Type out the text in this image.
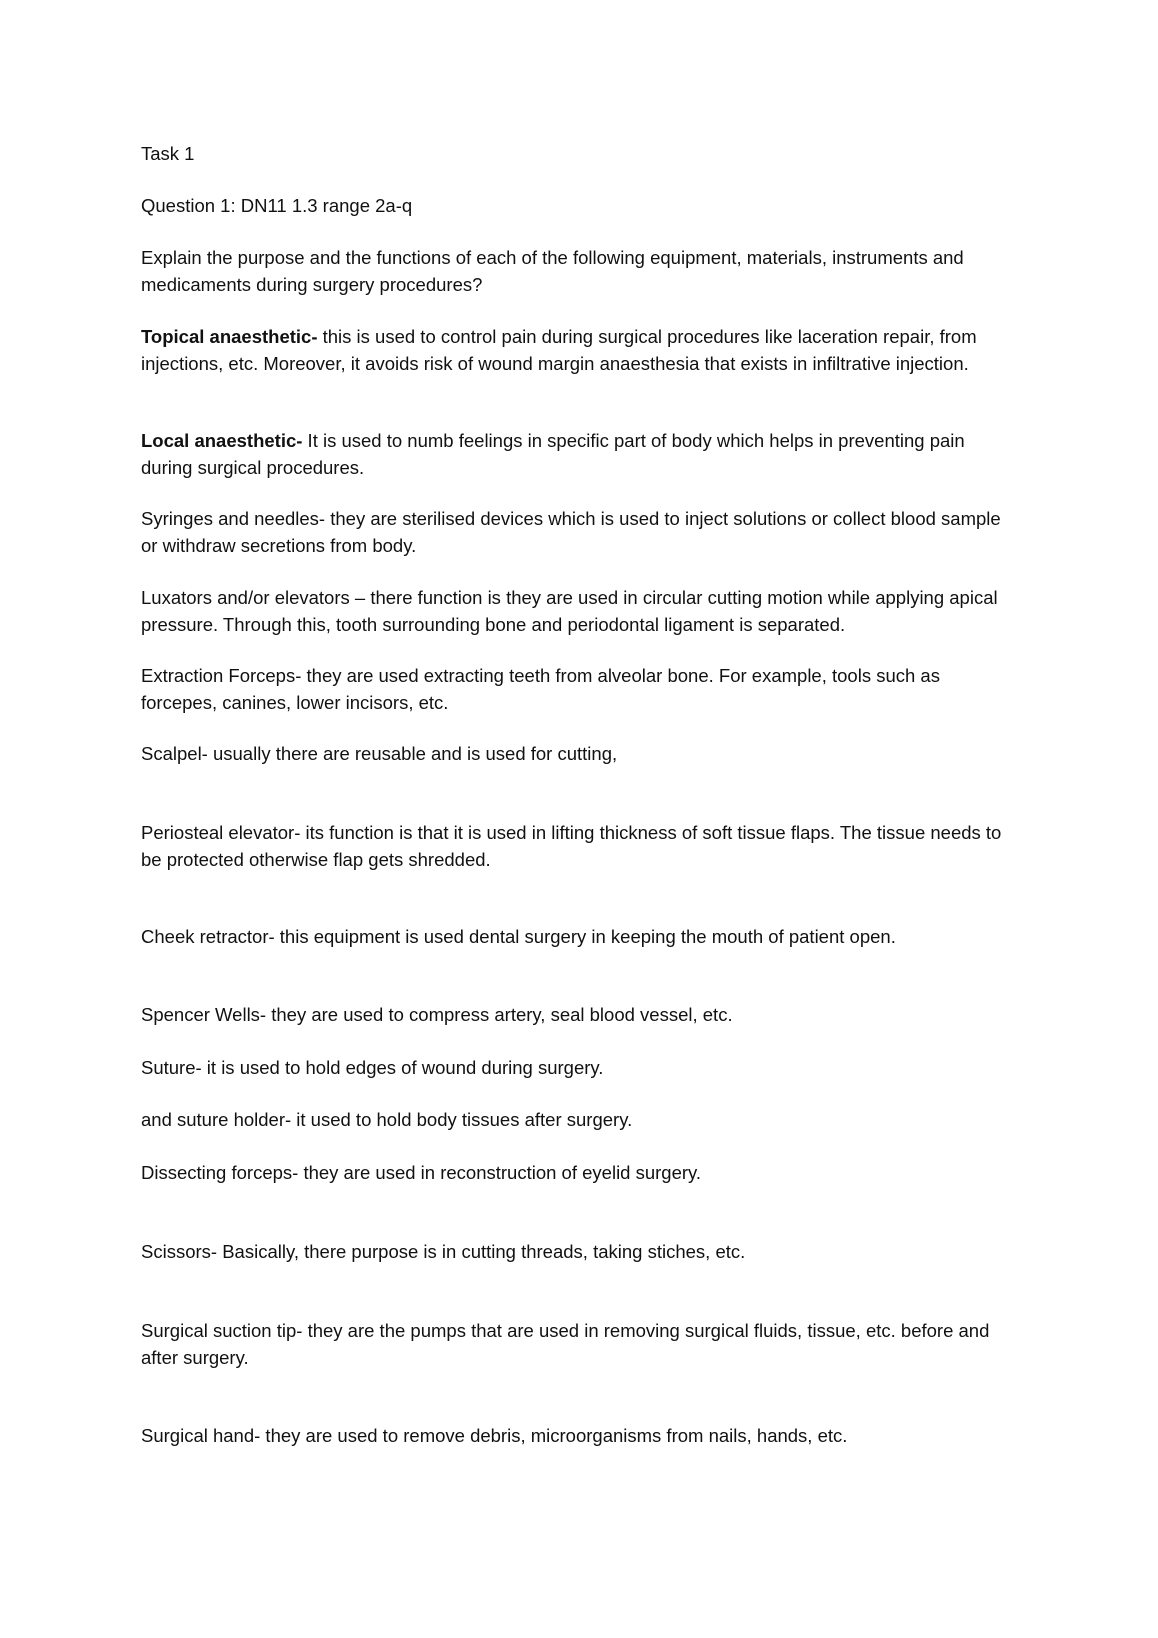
Task 1

Question 1: DN11 1.3 range 2a-q

Explain the purpose and the functions of each of the following equipment, materials, instruments and medicaments during surgery procedures?

Topical anaesthetic- this is used to control pain during surgical procedures like laceration repair, from injections, etc. Moreover, it avoids risk of wound margin anaesthesia that exists in infiltrative injection.

Local anaesthetic- It is used to numb feelings in specific part of body which helps in preventing pain during surgical procedures.

Syringes and needles- they are sterilised devices which is used to inject solutions or collect blood sample or withdraw secretions from body.

Luxators and/or elevators – there function is they are used in circular cutting motion while applying apical pressure. Through this, tooth surrounding bone and periodontal ligament is separated.

Extraction Forceps- they are used extracting teeth from alveolar bone. For example, tools such as forcepes, canines, lower incisors, etc.

Scalpel- usually there are reusable and is used for cutting,

Periosteal elevator- its function is that it is used in lifting thickness of soft tissue flaps. The tissue needs to be protected otherwise flap gets shredded.

Cheek retractor- this equipment is used dental surgery in keeping the mouth of patient open.

Spencer Wells- they are used to compress artery, seal blood vessel, etc.

Suture- it is used to hold edges of wound during surgery.

and suture holder- it used to hold body tissues after surgery.

Dissecting forceps- they are used in reconstruction of eyelid surgery.

Scissors- Basically, there purpose is in cutting threads, taking stiches, etc.

Surgical suction tip- they are the pumps that are used in removing surgical fluids, tissue, etc. before and after surgery.

Surgical hand- they are used to remove debris, microorganisms from nails, hands, etc.
